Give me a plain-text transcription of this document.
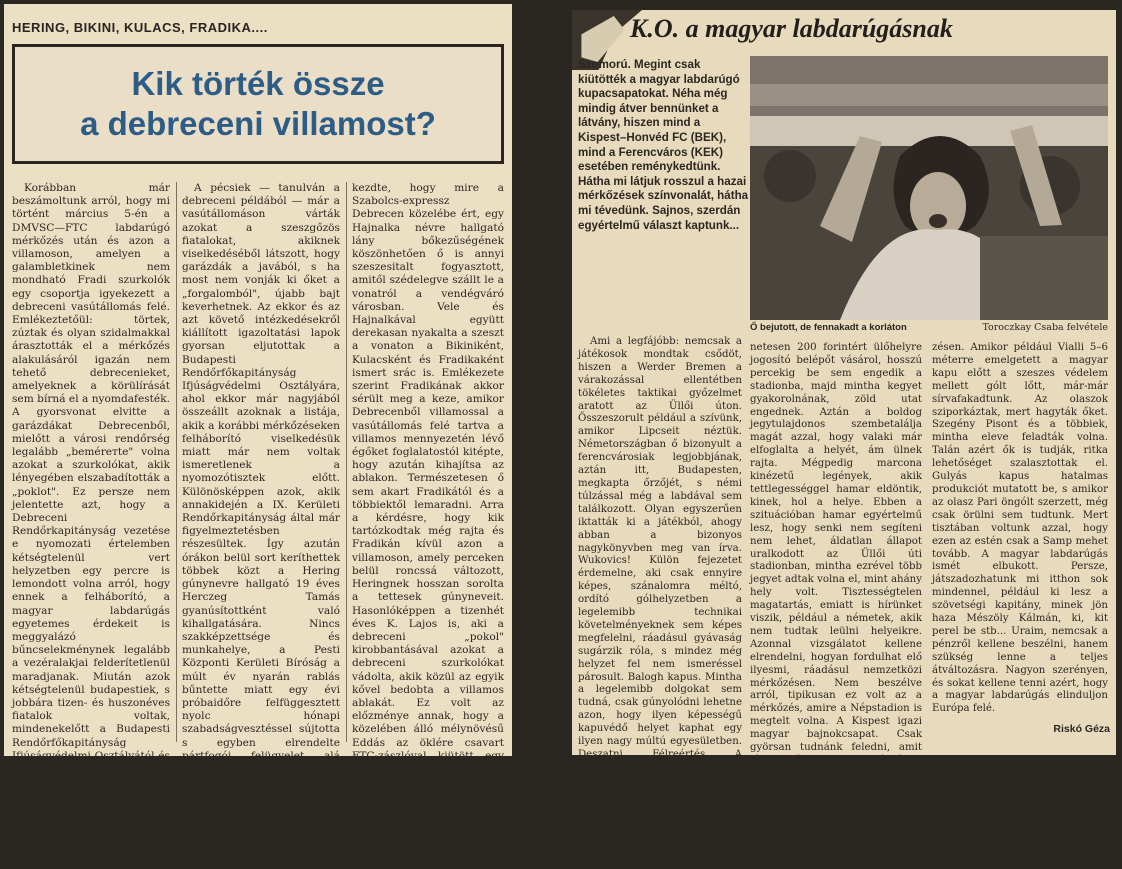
HERING, BIKINI, KULACS, FRADIKA....
Kik törték össze
a debreceni villamost?

Korábban már beszámoltunk arról, hogy mi történt március 5-én a DMVSC—FTC labdarúgó mérkőzés után és azon a villamoson, amelyen a galambletkinek nem mondható Fradi szurkolók egy csoportja igyekezett a debreceni vasútállomás felé. Emlékeztetőül: törtek, zúztak és olyan szidalmakkal árasztották el a mérkőzés alakulásáról igazán nem tehető debrecenieket, amelyeknek a körülírását sem bírná el a nyomdafesték. A gyorsvonat elvitte a garázdákat Debrecenből, mielőtt a városi rendőrség legalább „beméreтte" volna azokat a szurkolókat, akik lényegében elszabadították a „poklot". Ez persze nem jelentette azt, hogy a Debreceni Rendőrkapitányság vezetése e nyomozati értelemben kétségtelenül vert helyzetben egy percre is lemondott volna arról, hogy ennek a felháborító, a magyar labdarúgás egyetemes érdekeit is meggyalázó bűncselekménynek legalább a vezéralakjai felderítetlenül maradjanak. Miután azok kétségtelenül budapestiek, s jobbára tizen- és huszonéves fiatalok voltak, mindenekelőtt a Budapesti Rendőrfőkapitányság Ifjúságvédelmi Osztályától és az FTC soron következő vidéki mérkőzésére figyelemmel a Pécsi Rendőrfőkapitányságtól remélték az ügy utólagos kiderítését.

A pécsiek — tanulván a debreceni példából — már a vasútállomáson várták azokat a szeszgőzös fiatalokat, akiknek viselkedéséből látszott, hogy garázdák a javából, s ha most nem vonják ki őket a „forgalomból", újabb bajt keverhetnek. Az ekkor és az azt követő intézkedésekről kiállított igazoltatási lapok gyorsan eljutottak a Budapesti Rendőrfőkapitányság Ifjúságvédelmi Osztályára, ahol ekkor már nagyjából összeállt azoknak a listája, akik a korábbi mérkőzéseken felháborító viselkedésük miatt már nem voltak ismeretlenek a nyomozótisztek előtt. Különösképpen azok, akik annakidején a IX. Kerületi Rendőrkapitányság által már figyelmeztetésben részesültek. Így azután órákon belül sort keríthettek többek közt a Hering gúnynevre hallgató 19 éves Herczeg Tamás gyanúsítottként való kihallgatására. Nincs szakképzettsége és munkahelye, a Pesti Központi Kerületi Bíróság a múlt év nyarán rablás bűntette miatt egy évi próbaidőre felfüggesztett nyolc hónapi szabadságvesztéssel sújtotta s egyben elrendelte pártfogói felügyelet alá helyezését. Most kezesbáránykent viselkedett, nemcsak azt ismerte be, hogy mit művelt Debrecenben a villamoson, hanem megnevezte bűntársait is. Mondanivalóját azzal

kezdte, hogy mire a Szabolcs-expressz Debrecen közelébe ért, egy Hajnalka névre hallgató lány bőkezűségének köszönhetően ő is annyi szeszesitalt fogyasztott, amitől szédelegve szállt le a vonatról a vendégváró városban. Vele és Hajnalkával együtt derekasan nyakalta a szeszt a vonaton a Bikiniként, Kulacsként és Fradikaként ismert srác is. Emlékezete szerint Fradikának akkor sérült meg a keze, amikor Debrecenből villamossal a vasútállomás felé tartva a villamos mennyezetén lévő égőket foglalatostól kitépte, hogy azután kihajítsa az ablakon. Természetesen ő sem akart Fradikától és a többiektől lemaradni. Arra a kérdésre, hogy kik tartózkodtak még rajta és Fradikán kívül azon a villamoson, amely perceken belül roncssá változott, Heringnek hosszan sorolta a tettesek gúnyneveit. Hasonlóképpen a tizenhét éves K. Lajos is, aki a debreceni „pokol" kirobbantásával azokat a debreceni szurkolókat vádolta, akik közül az egyik kővel bedobta a villamos ablakát. Ez volt az előzménye annak, hogy a közelében álló mélynövésű Eddás az öklére csavart FTC-zászlóval kiütött egy másik ablakot, ő pedig egy ugyancsak K. betűvel kezdődő vezetéknevű és szintén Lajos utónevű hajverjával egy harmadik ablakot.

K.O. a magyar labdarúgásnak
Szomorú. Megint csak kiütötték a magyar labdarúgó kupacsapatokat. Néha még mindig átver bennünket a látvány, hiszen mind a Kispest–Honvéd FC (BEK), mind a Ferencváros (KEK) esetében reménykedtünk. Hátha mi látjuk rosszul a hazai mérkőzések színvonalát, hátha mi tévedünk. Sajnos, szerdán egyértelmű választ kaptunk...
Ő bejutott, de fennakadt a korláton	Toroczkay Csaba felvétele

Ami a legfájóbb: nemcsak a játékosok mondtak csődöt, hiszen a Werder Bremen a várakozással ellentétben tökéletes taktikai győzelmet aratott az Üllői úton. Összeszorult például a szívünk, amikor Lipcseit néztük. Németországban ő bizonyult a ferencvárosiak legjobbjának, aztán itt, Budapesten, megkapta őrzőjét, s némi túlzással még a labdával sem találkozott. Olyan egyszerűen iktatták ki a játékból, ahogy abban a bizonyos nagykönyvben meg van írva. Wukovics! Külön fejezetet érdemelne, aki csak ennyire képes, szánalomra méltó, ordító gólhelyzetben a legelemibb technikai követelményeknek sem képes megfelelni, ráadásul gyávaság sugárzik róla, s mindez még helyzet fel nem ismeréssel párosult. Balogh kapus. Mintha a legelemibb dolgokat sem tudná, csak gúnyolódni lehetne azon, hogy ilyen képességű kapuvédő helyet kaphat egy ilyen nagy múltú egyesületben. Deszatni. Félreértés. A többieket nem is érdemes név szerint említeni. A németek? Úgy, ahogy kell. Öntudatosan játszottak, s megérdemelten jutottak tovább. S még valami. Egyszerűen felháborító, ha valaki törté-

netesen 200 forintért ülőhelyre jogosító belépőt vásárol, hosszú percekig be sem engedik a stadionba, majd mintha kegyet gyakorolnának, zöld utat engednek. Aztán a boldog jegytulajdonos szembetalálja magát azzal, hogy valaki már elfoglalta a helyét, ám ülnek rajta. Mégpedig marcona kinézetű legények, akik tettlegességgel hamar eldöntik, kinek, hol a helye. Ebben a szituációban hamar egyértelmű lesz, hogy senki nem segíteni nem lehet, áldatlan állapot uralkodott az Üllői úti stadionban, mintha ezrével több jegyet adtak volna el, mint ahány hely volt. Tisztességtelen magatartás, emiatt is hírünket viszik, például a németek, akik nem tudtak leülni helyeikre. Azonnal vizsgálatot kellene elrendelni, hogyan fordulhat elő ilyesmi, ráadásul nemzetközi mérkőzésen. Nem beszélve arról, tipikusan ez volt az a mérkőzés, amire a Népstadion is megtelt volna. A Kispest igazi magyar bajnokcsapat. Csak györsan tudnánk feledni, amit láttunk tőle, a genovai mérkő-

zésen. Amikor például Vialli 5–6 méterre emelgetett a magyar kapu előtt a szeszes védelem mellett gólt lőtt, már-már sírvafakadtunk. Az olaszok sziporkáztak, mert hagyták őket. Szegény Pisont és a többiek, mintha eleve feladták volna. Talán azért ők is tudják, ritka lehetőséget szalasztottak el. Gulyás kapus hatalmas produkciót mutatott be, s amikor az olasz Pari öngólt szerzett, még csak örülni sem tudtunk. Mert tisztában voltunk azzal, hogy ezen az estén csak a Samp mehet tovább. A magyar labdarúgás ismét elbukott. Persze, játszadozhatunk mi itthon sok mindennel, például ki lesz a szövetségi kapitány, minek jön haza Mészöly Kálmán, ki, kit perel be stb... Uraim, nemcsak a pénzről kellene beszélni, hanem szükség lenne a teljes átváltozásra. Nagyon szerényen, és sokat kellene tenni azért, hogy a magyar labdarúgás elinduljon Európa felé.

Riskó Géza
